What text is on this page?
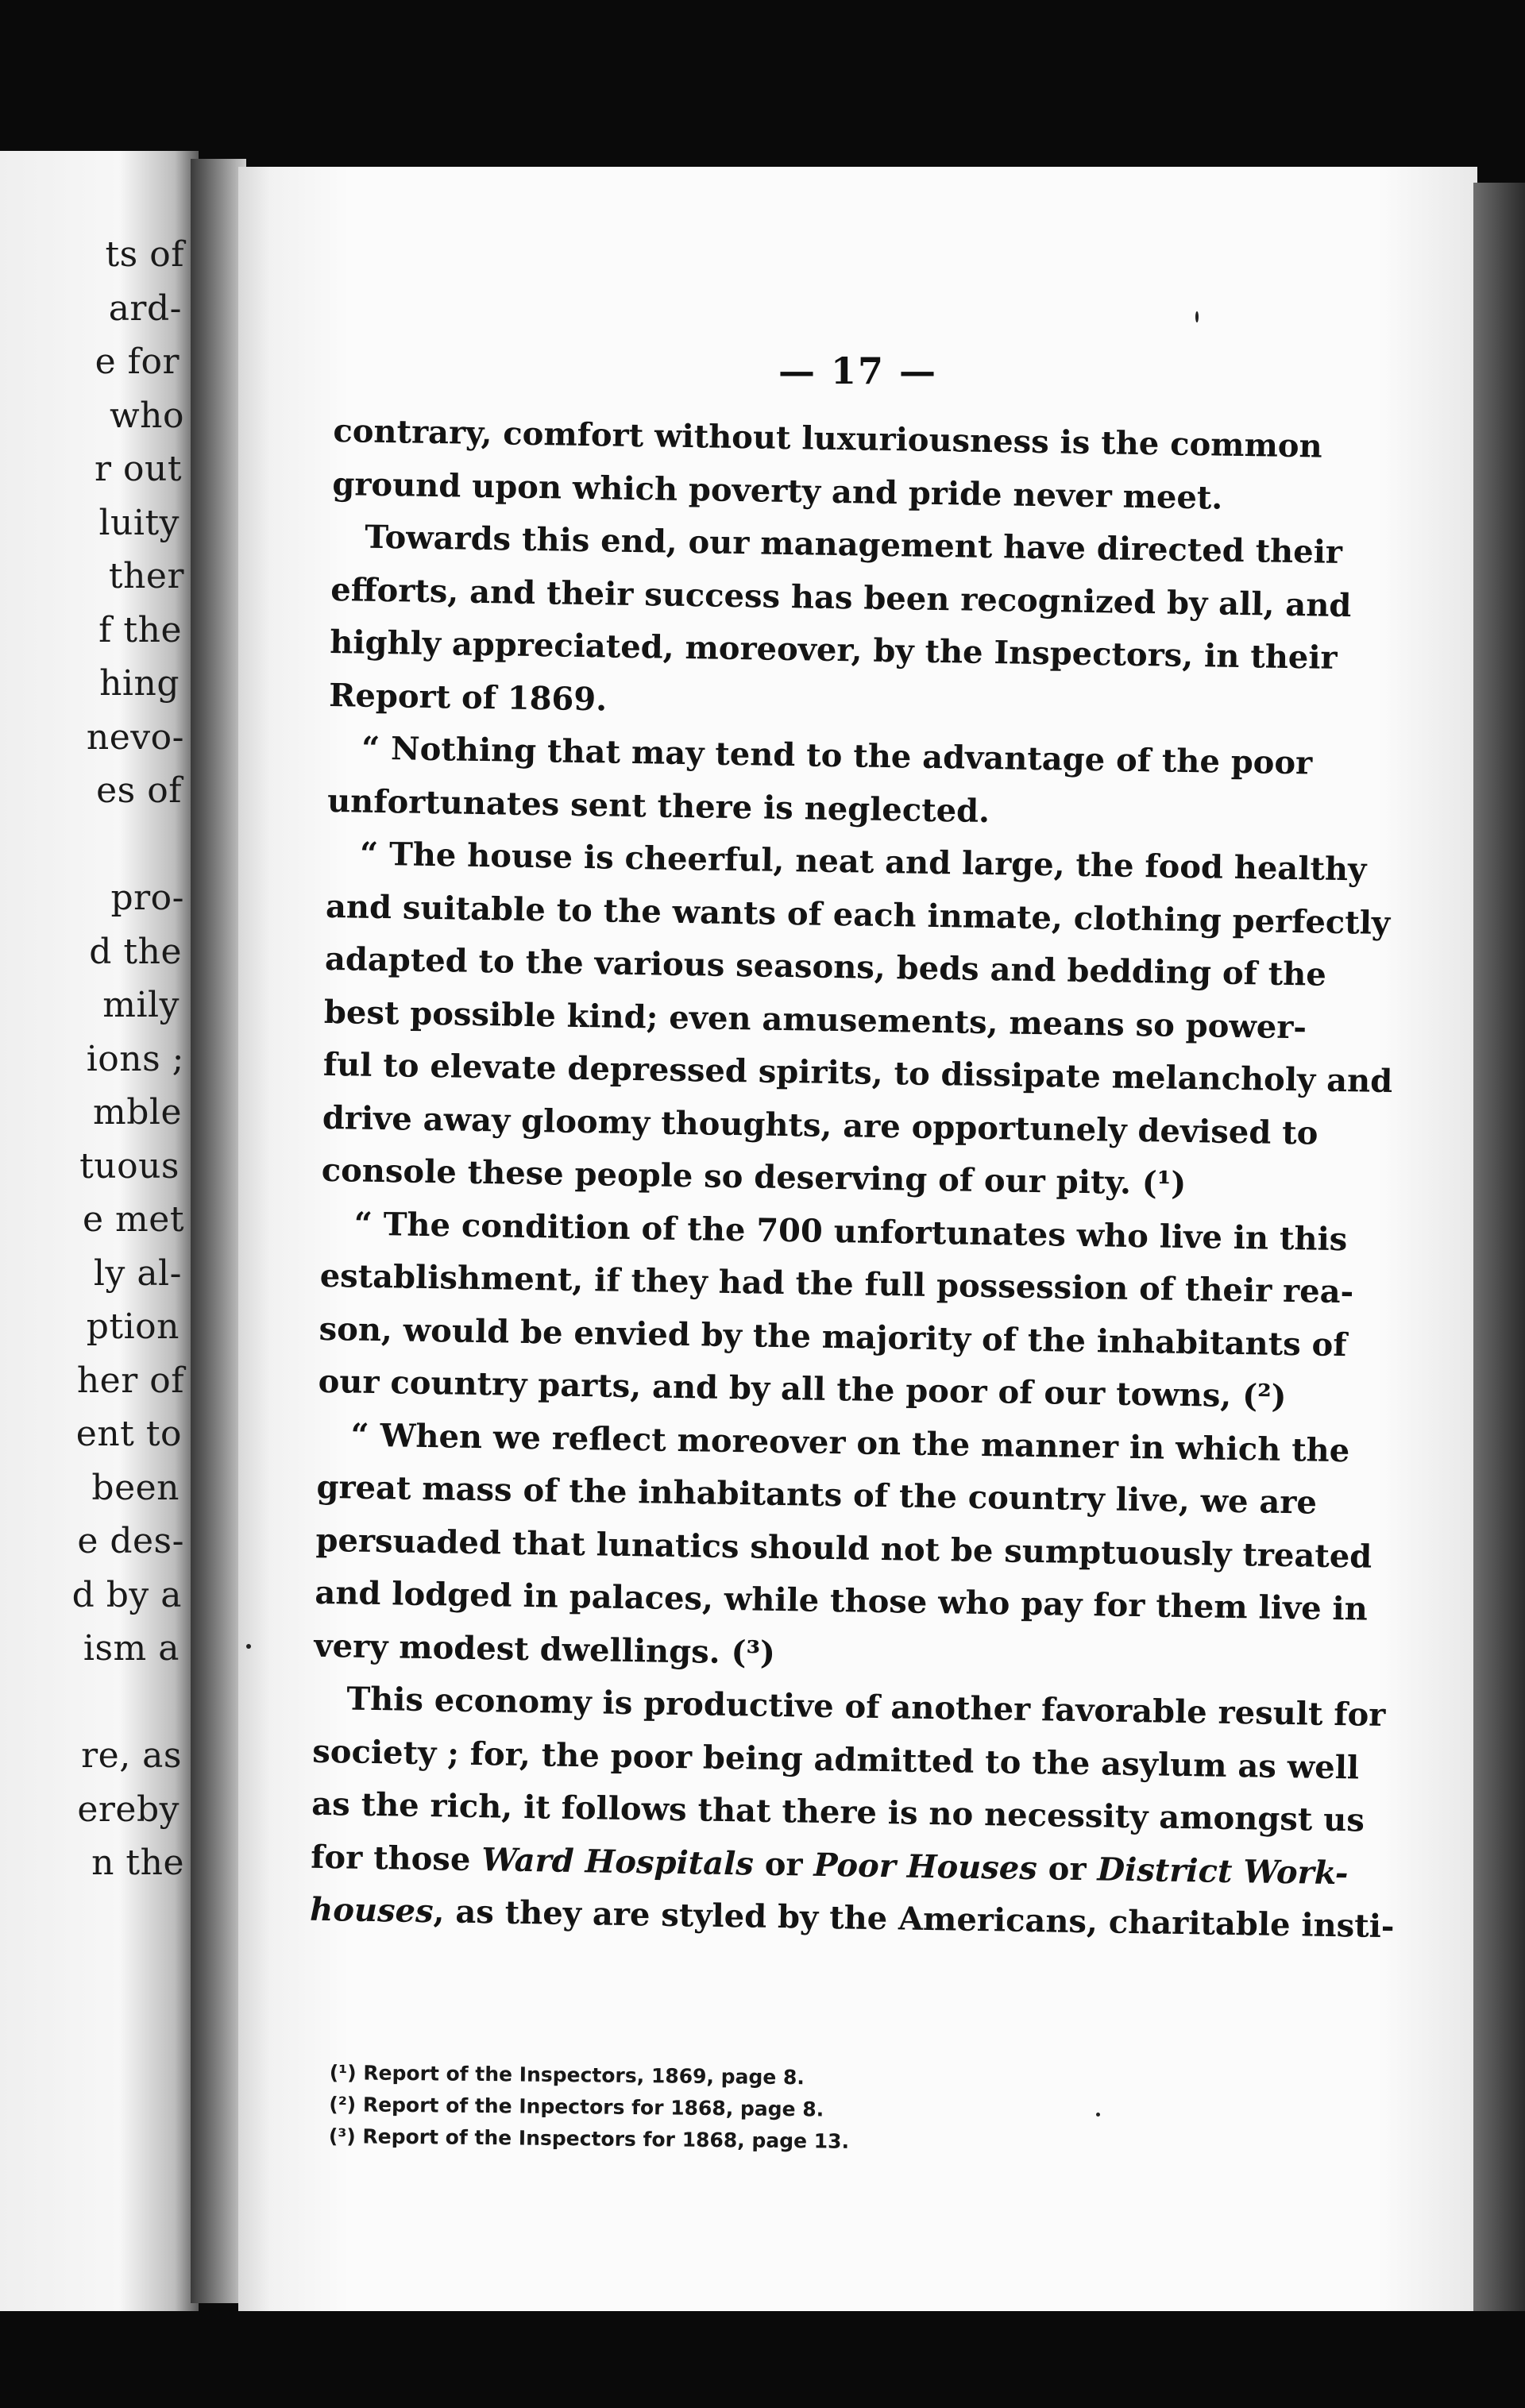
ts of
ard-
e for
who
r out
luity
ther
f the
hing
nevo-
es of
pro-
d the
mily
ions ;
mble
tuous
e met
ly al-
ption
her of
ent to
been
e des-
d by a
ism a
re, as
ereby
n the
— 17 —
contrary, comfort without luxuriousness is the common
ground upon which poverty and pride never meet.
Towards this end, our management have directed their
efforts, and their success has been recognized by all, and
highly appreciated, moreover, by the Inspectors, in their
Report of 1869.
“ Nothing that may tend to the advantage of the poor
unfortunates sent there is neglected.
“ The house is cheerful, neat and large, the food healthy
and suitable to the wants of each inmate, clothing perfectly
adapted to the various seasons, beds and bedding of the
best possible kind; even amusements, means so power-
ful to elevate depressed spirits, to dissipate melancholy and
drive away gloomy thoughts, are opportunely devised to
console these people so deserving of our pity. (¹)
“ The condition of the 700 unfortunates who live in this
establishment, if they had the full possession of their rea-
son, would be envied by the majority of the inhabitants of
our country parts, and by all the poor of our towns, (²)
“ When we reflect moreover on the manner in which the
great mass of the inhabitants of the country live, we are
persuaded that lunatics should not be sumptuously treated
and lodged in palaces, while those who pay for them live in
very modest dwellings. (³)
This economy is productive of another favorable result for
society ; for, the poor being admitted to the asylum as well
as the rich, it follows that there is no necessity amongst us
for those Ward Hospitals or Poor Houses or District Work-
houses, as they are styled by the Americans, charitable insti-
(¹) Report of the Inspectors, 1869, page 8.
(²) Report of the Inpectors for 1868, page 8.
(³) Report of the Inspectors for 1868, page 13.
